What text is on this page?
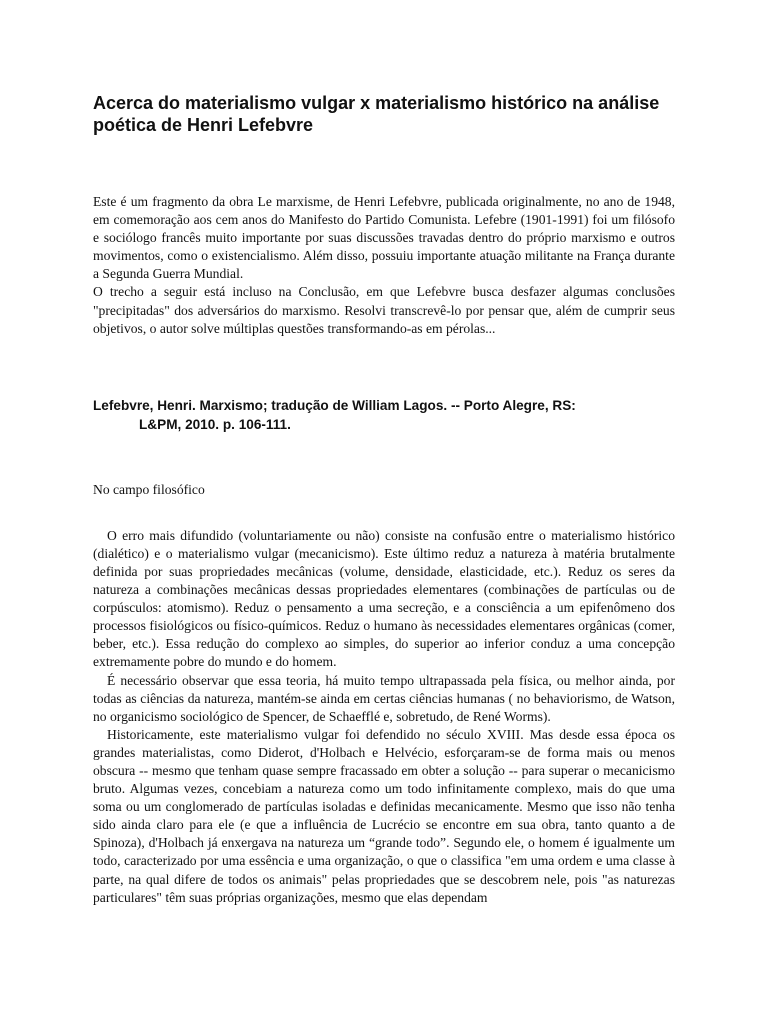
Acerca do materialismo vulgar x materialismo histórico na análise poética de Henri Lefebvre

Este é um fragmento da obra Le marxisme, de Henri Lefebvre, publicada originalmente, no ano de 1948, em comemoração aos cem anos do Manifesto do Partido Comunista. Lefebre (1901-1991) foi um filósofo e sociólogo francês muito importante por suas discussões travadas dentro do próprio marxismo e outros movimentos, como o existencialismo. Além disso, possuiu importante atuação militante na França durante a Segunda Guerra Mundial.

O trecho a seguir está incluso na Conclusão, em que Lefebvre busca desfazer algumas conclusões "precipitadas" dos adversários do marxismo. Resolvi transcrevê-lo por pensar que, além de cumprir seus objetivos, o autor solve múltiplas questões transformando-as em pérolas...

Lefebvre, Henri. Marxismo; tradução de William Lagos. -- Porto Alegre, RS:
L&PM, 2010. p. 106-111.

No campo filosófico

O erro mais difundido (voluntariamente ou não) consiste na confusão entre o materialismo histórico (dialético) e o materialismo vulgar (mecanicismo). Este último reduz a natureza à matéria brutalmente definida por suas propriedades mecânicas (volume, densidade, elasticidade, etc.). Reduz os seres da natureza a combinações mecânicas dessas propriedades elementares (combinações de partículas ou de corpúsculos: atomismo). Reduz o pensamento a uma secreção, e a consciência a um epifenômeno dos processos fisiológicos ou físico-químicos. Reduz o humano às necessidades elementares orgânicas (comer, beber, etc.). Essa redução do complexo ao simples, do superior ao inferior conduz a uma concepção extremamente pobre do mundo e do homem.

É necessário observar que essa teoria, há muito tempo ultrapassada pela física, ou melhor ainda, por todas as ciências da natureza, mantém-se ainda em certas ciências humanas ( no behaviorismo, de Watson, no organicismo sociológico de Spencer, de Schaefflé e, sobretudo, de René Worms).

Historicamente, este materialismo vulgar foi defendido no século XVIII. Mas desde essa época os grandes materialistas, como Diderot, d'Holbach e Helvécio, esforçaram-se de forma mais ou menos obscura -- mesmo que tenham quase sempre fracassado em obter a solução -- para superar o mecanicismo bruto. Algumas vezes, concebiam a natureza como um todo infinitamente complexo, mais do que uma soma ou um conglomerado de partículas isoladas e definidas mecanicamente. Mesmo que isso não tenha sido ainda claro para ele (e que a influência de Lucrécio se encontre em sua obra, tanto quanto a de Spinoza), d'Holbach já enxergava na natureza um “grande todo”. Segundo ele, o homem é igualmente um todo, caracterizado por uma essência e uma organização, o que o classifica "em uma ordem e uma classe à parte, na qual difere de todos os animais" pelas propriedades que se descobrem nele, pois "as naturezas particulares" têm suas próprias organizações, mesmo que elas dependam
